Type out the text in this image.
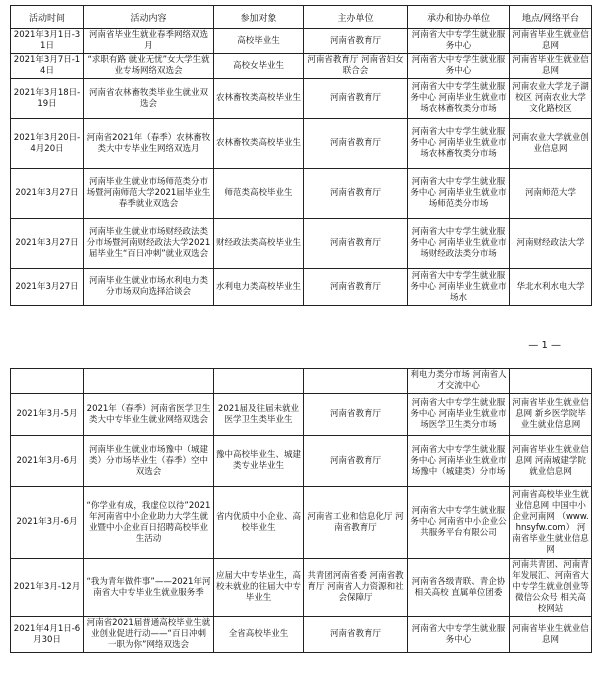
活动时间	活动内容	参加对象	主办单位	承办和协办单位	地点/网络平台
2021年3月1日-31日	河南省毕业生就业春季网络双选月	高校毕业生	河南省教育厅	河南省大中专学生就业服务中心	河南省毕业生就业信息网
2021年3月7日-14日	“求职有路 就业无忧”女大学生就业专场网络双选会	高校女毕业生	河南省教育厅 河南省妇女联合会	河南省大中专学生就业服务中心	河南省毕业生就业信息网
2021年3月18日-19日	河南省农林畜牧类毕业生就业双选会	农林畜牧类高校毕业生	河南省教育厅	河南省大中专学生就业服务中心 河南毕业生就业市场农林畜牧类分市场	河南农业大学龙子湖校区 河南农业大学文化路校区
2021年3月20日-4月20日	河南省2021年（春季）农林畜牧类大中专毕业生网络双选月	农林畜牧类高校毕业生	河南省教育厅	河南省大中专学生就业服务中心 河南毕业生就业市场农林畜牧类分市场	河南农业大学就业创业信息网
2021年3月27日	河南毕业生就业市场师范类分市场暨河南师范大学2021届毕业生春季就业双选会	师范类高校毕业生	河南省教育厅	河南省大中专学生就业服务中心 河南毕业生就业市场师范类分市场	河南师范大学
2021年3月27日	河南毕业生就业市场财经政法类分市场暨河南财经政法大学2021届毕业生“百日冲刺”就业双选会	财经政法类高校毕业生	河南省教育厅	河南省大中专学生就业服务中心 河南毕业生就业市场财经政法类分市场	河南财经政法大学
2021年3月27日	河南毕业生就业市场水利电力类分市场双向选择洽谈会	水利电力类高校毕业生	河南省教育厅	河南省大中专学生就业服务中心 河南毕业生就业市场水	华北水利水电大学
— 1 —
				利电力类分市场 河南省人才交流中心	
2021年3月-5月	2021年（春季）河南省医学卫生类大中专毕业生就业网络双选会	2021届及往届未就业医学卫生类毕业生	河南省教育厅	河南省大中专学生就业服务中心 河南毕业生就业市场医学卫生类分市场	河南省毕业生就业信息网 新乡医学院毕业生就业信息网
2021年3月-6月	河南毕业生就业市场豫中（城建类）分市场毕业生（春季）空中双选会	豫中高校毕业生、城建类专业毕业生	河南省教育厅	河南省大中专学生就业服务中心 河南毕业生就业市场豫中（城建类）分市场	河南省毕业生就业信息网 河南城建学院就业信息网
2021年3月-6月	“你学业有成，我虚位以待”2021年河南省中小企业助力大学生就业暨中小企业百日招聘高校毕业生活动	省内优质中小企业、高校毕业生	河南省工业和信息化厅 河南省教育厅	河南省大中专学生就业服务中心 河南省中小企业公共服务平台有限公司	河南省高校毕业生就业信息网 中国中小企业河南网 （www.hnsyfw.com） 河南省毕业生就业信息网
2021年3月-12月	“我为青年做件事”——2021年河南省大中专毕业生就业服务季	应届大中专毕业生，高校未就业的往届大中专毕业生	共青团河南省委 河南省教育厅 河南省人力资源和社会保障厅	河南省各级青联、青企协相关高校 直属单位团委	河南共青团、河南青年发展汇、河南省大中专学生就业创业等微信公众号 相关高校网站
2021年4月1日-6月30日	河南省2021届普通高校毕业生就业创业促进行动——“百日冲刺 一职为你”网络双选会	全省高校毕业生	河南省教育厅	河南省大中专学生就业服务中心	河南省毕业生就业信息网
